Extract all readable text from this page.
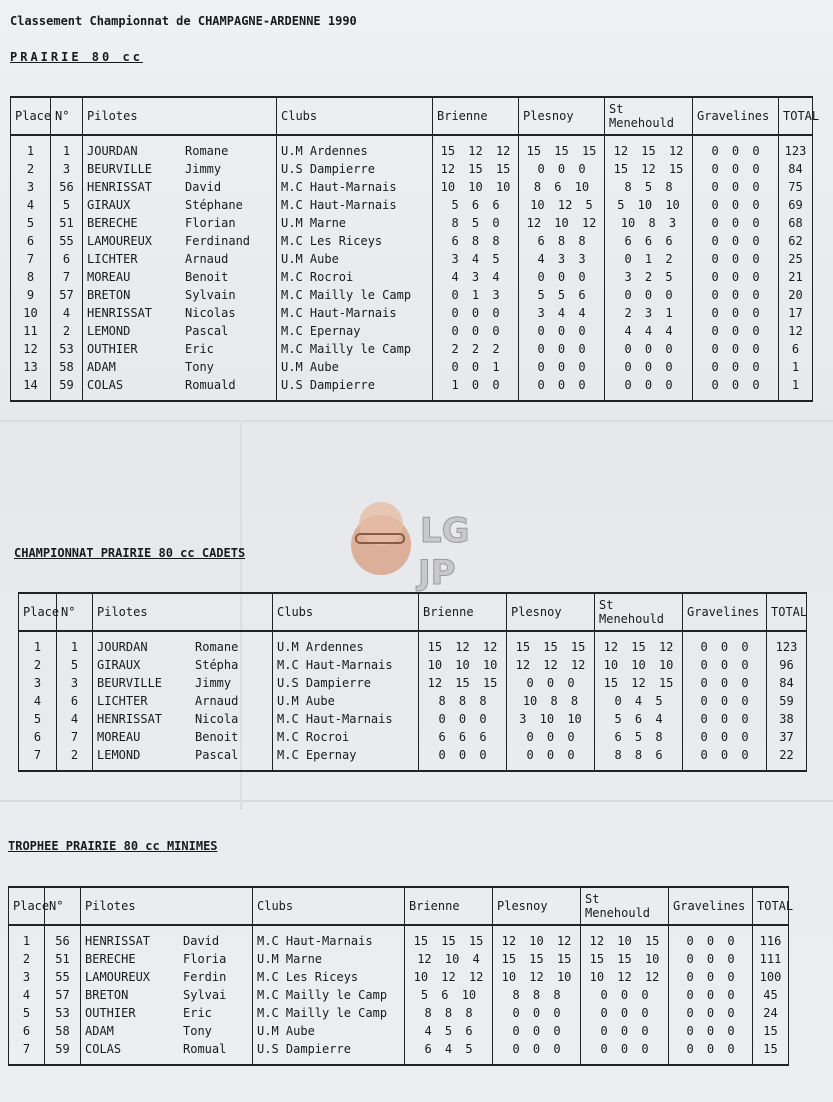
Classement Championnat de CHAMPAGNE-ARDENNE 1990
PRAIRIE 80 cc
Place	N°	Pilotes	Clubs	Brienne	Plesnoy	St Menehould	Gravelines	TOTAL
1	1	JOURDAN Romane	U.M Ardennes	15 12 12	15 15 15	12 15 12	0 0 0	123
2	3	BEURVILLE Jimmy	U.S Dampierre	12 15 15	0 0 0	15 12 15	0 0 0	84
3	56	HENRISSAT David	M.C Haut-Marnais	10 10 10	8 6 10	8 5 8	0 0 0	75
4	5	GIRAUX Stéphane	M.C Haut-Marnais	5 6 6	10 12 5	5 10 10	0 0 0	69
5	51	BERECHE Florian	U.M Marne	8 5 0	12 10 12	10 8 3	0 0 0	68
6	55	LAMOUREUX Ferdinand	M.C Les Riceys	6 8 8	6 8 8	6 6 6	0 0 0	62
7	6	LICHTER Arnaud	U.M Aube	3 4 5	4 3 3	0 1 2	0 0 0	25
8	7	MOREAU Benoit	M.C Rocroi	4 3 4	0 0 0	3 2 5	0 0 0	21
9	57	BRETON Sylvain	M.C Mailly le Camp	0 1 3	5 5 6	0 0 0	0 0 0	20
10	4	HENRISSAT Nicolas	M.C Haut-Marnais	0 0 0	3 4 4	2 3 1	0 0 0	17
11	2	LEMOND Pascal	M.C Epernay	0 0 0	0 0 0	4 4 4	0 0 0	12
12	53	OUTHIER Eric	M.C Mailly le Camp	2 2 2	0 0 0	0 0 0	0 0 0	6
13	58	ADAM Tony	U.M Aube	0 0 1	0 0 0	0 0 0	0 0 0	1
14	59	COLAS Romuald	U.S Dampierre	1 0 0	0 0 0	0 0 0	0 0 0	1
CHAMPIONNAT PRAIRIE 80 cc CADETS
Place	N°	Pilotes	Clubs	Brienne	Plesnoy	St Menehould	Gravelines	TOTAL
1	1	JOURDAN Romane	U.M Ardennes	15 12 12	15 15 15	12 15 12	0 0 0	123
2	5	GIRAUX Stépha	M.C Haut-Marnais	10 10 10	12 12 12	10 10 10	0 0 0	96
3	3	BEURVILLE Jimmy	U.S Dampierre	12 15 15	0 0 0	15 12 15	0 0 0	84
4	6	LICHTER Arnaud	U.M Aube	8 8 8	10 8 8	0 4 5	0 0 0	59
5	4	HENRISSAT Nicola	M.C Haut-Marnais	0 0 0	3 10 10	5 6 4	0 0 0	38
6	7	MOREAU Benoit	M.C Rocroi	6 6 6	0 0 0	6 5 8	0 0 0	37
7	2	LEMOND Pascal	M.C Epernay	0 0 0	0 0 0	8 8 6	0 0 0	22
TROPHEE PRAIRIE 80 cc MINIMES
Place	N°	Pilotes	Clubs	Brienne	Plesnoy	St Menehould	Gravelines	TOTAL
1	56	HENRISSAT David	M.C Haut-Marnais	15 15 15	12 10 12	12 10 15	0 0 0	116
2	51	BERECHE Floria	U.M Marne	12 10 4	15 15 15	15 15 10	0 0 0	111
3	55	LAMOUREUX Ferdin	M.C Les Riceys	10 12 12	10 12 10	10 12 12	0 0 0	100
4	57	BRETON Sylvai	M.C Mailly le Camp	5 6 10	8 8 8	0 0 0	0 0 0	45
5	53	OUTHIER Eric	M.C Mailly le Camp	8 8 8	0 0 0	0 0 0	0 0 0	24
6	58	ADAM Tony	U.M Aube	4 5 6	0 0 0	0 0 0	0 0 0	15
7	59	COLAS Romual	U.S Dampierre	6 4 5	0 0 0	0 0 0	0 0 0	15
LG
JP
